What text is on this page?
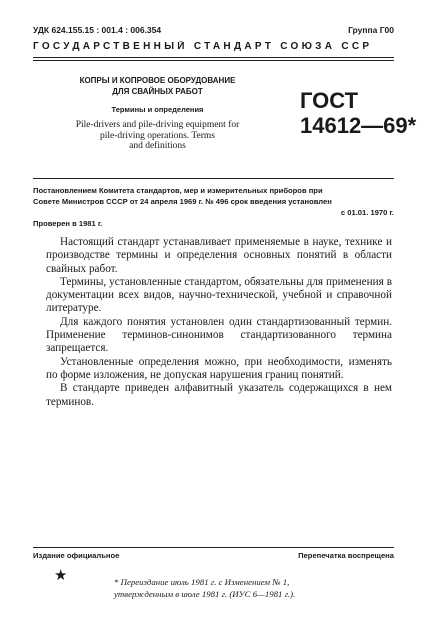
УДК 624.155.15 : 001.4 : 006.354	Группа Г00
ГОСУДАРСТВЕННЫЙ СТАНДАРТ СОЮЗА ССР
КОПРЫ И КОПРОВОЕ ОБОРУДОВАНИЕ
ДЛЯ СВАЙНЫХ РАБОТ
Термины и определения
Pile-drivers and pile-driving equipment for
pile-driving operations. Terms
and definitions
ГОСТ
14612—69*
Постановлением Комитета стандартов, мер и измерительных приборов при
Совете Министров СССР от 24 апреля 1969 г. № 496 срок введения установлен
с 01.01. 1970 г.
Проверен в 1981 г.

Настоящий стандарт устанавливает применяемые в науке, технике и производстве термины и определения основных понятий в области свайных работ.

Термины, установленные стандартом, обязательны для применения в документации всех видов, научно-технической, учебной и справочной литературе.

Для каждого понятия установлен один стандартизованный термин. Применение терминов-синонимов стандартизованного термина запрещается.

Установленные определения можно, при необходимости, изменять по форме изложения, не допуская нарушения границ понятий.

В стандарте приведен алфавитный указатель содержащихся в нем терминов.

Издание официальное	Перепечатка воспрещена
★	* Переиздание июль 1981 г. с Изменением № 1,
утвержденным в июле 1981 г. (ИУС 6—1981 г.).
